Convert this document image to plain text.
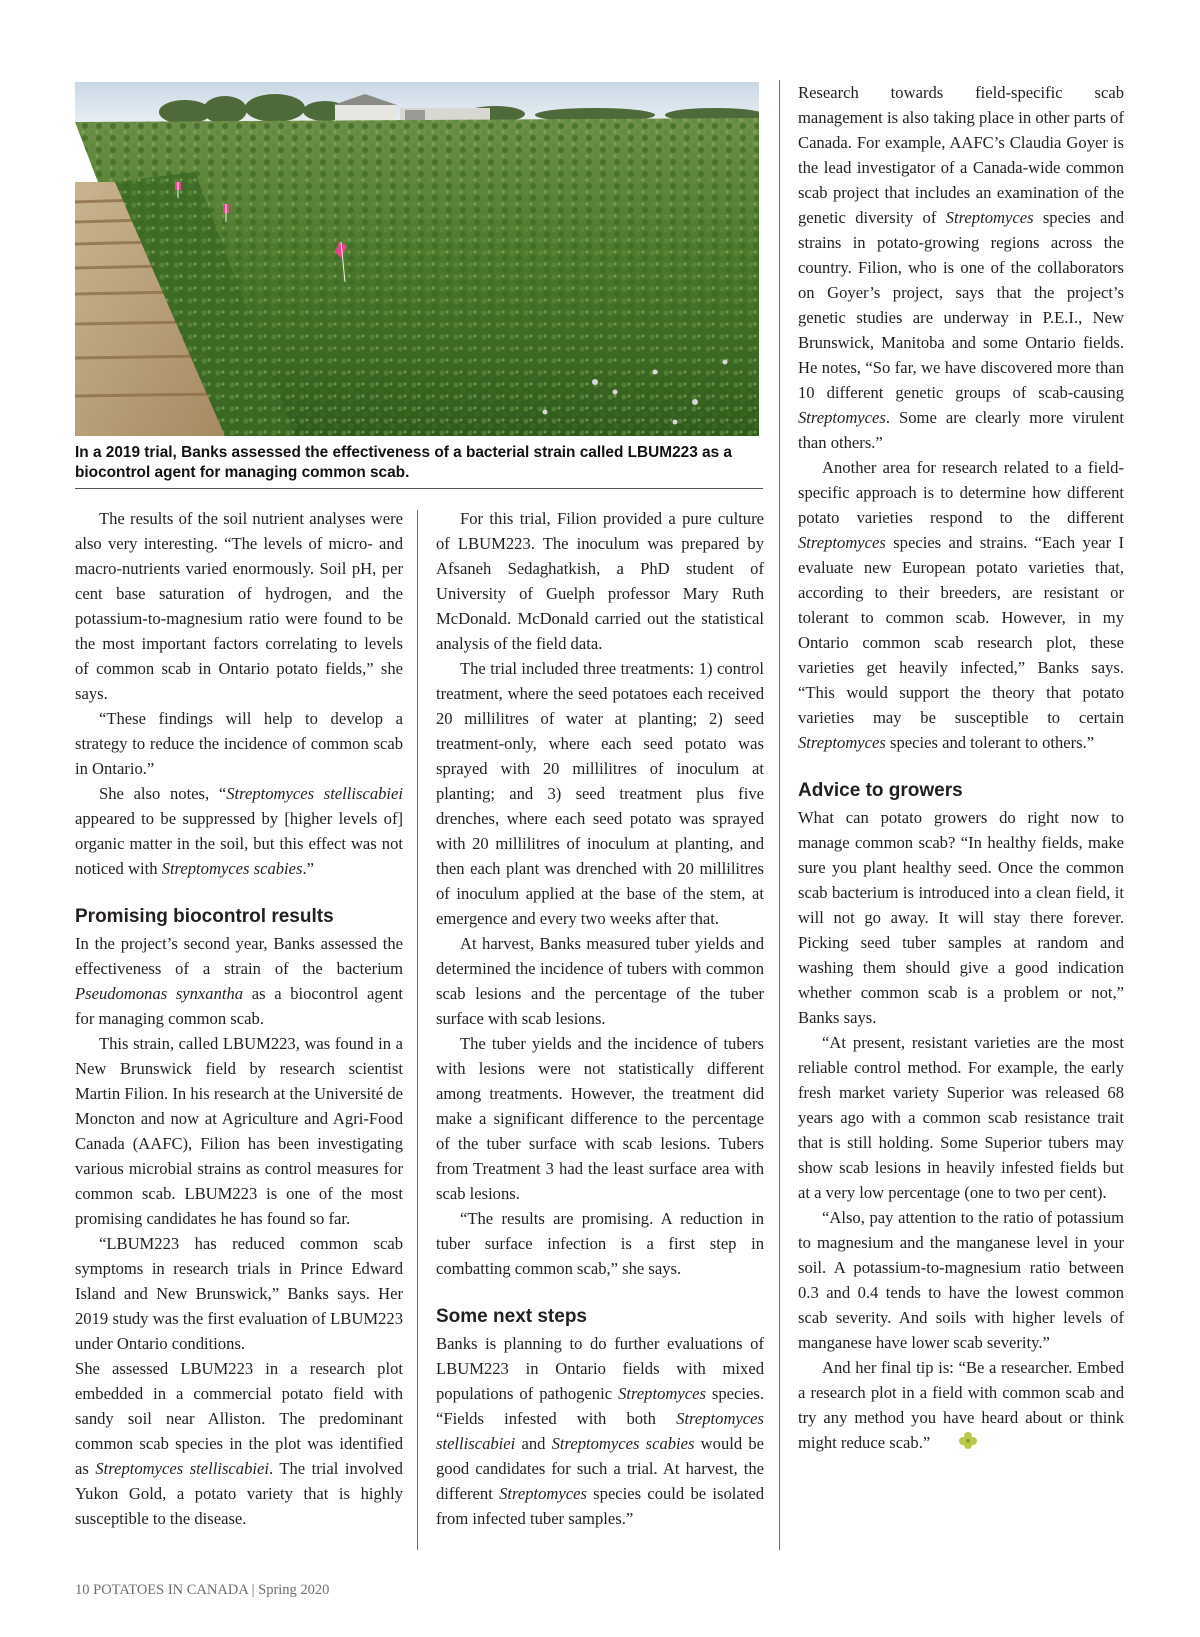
In a 2019 trial, Banks assessed the effectiveness of a bacterial strain called LBUM223 as a biocontrol agent for managing common scab.

The results of the soil nutrient analyses were also very interesting. “The levels of micro- and macro-nutrients varied enormously. Soil pH, per cent base saturation of hydrogen, and the potassium-to-magnesium ratio were found to be the most important factors correlating to levels of common scab in Ontario potato fields,” she says.

“These findings will help to develop a strategy to reduce the incidence of common scab in Ontario.”

She also notes, “Streptomyces stelliscabiei appeared to be suppressed by [higher levels of] organic matter in the soil, but this effect was not noticed with Streptomyces scabies.”

Promising biocontrol results

In the project’s second year, Banks assessed the effectiveness of a strain of the bacterium Pseudomonas synxantha as a biocontrol agent for managing common scab.

This strain, called LBUM223, was found in a New Brunswick field by research scientist Martin Filion. In his research at the Université de Moncton and now at Agriculture and Agri-Food Canada (AAFC), Filion has been investigating various microbial strains as control measures for common scab. LBUM223 is one of the most promising candidates he has found so far.

“LBUM223 has reduced common scab symptoms in research trials in Prince Edward Island and New Brunswick,” Banks says. Her 2019 study was the first evaluation of LBUM223 under Ontario conditions.

She assessed LBUM223 in a research plot embedded in a commercial potato field with sandy soil near Alliston. The predominant common scab species in the plot was identified as Streptomyces stelliscabiei. The trial involved Yukon Gold, a potato variety that is highly susceptible to the disease.

For this trial, Filion provided a pure culture of LBUM223. The inoculum was prepared by Afsaneh Sedaghatkish, a PhD student of University of Guelph professor Mary Ruth McDonald. McDonald carried out the statistical analysis of the field data.

The trial included three treatments: 1) control treatment, where the seed potatoes each received 20 millilitres of water at planting; 2) seed treatment-only, where each seed potato was sprayed with 20 millilitres of inoculum at planting; and 3) seed treatment plus five drenches, where each seed potato was sprayed with 20 millilitres of inoculum at planting, and then each plant was drenched with 20 millilitres of inoculum applied at the base of the stem, at emergence and every two weeks after that.

At harvest, Banks measured tuber yields and determined the incidence of tubers with common scab lesions and the percentage of the tuber surface with scab lesions.

The tuber yields and the incidence of tubers with lesions were not statistically different among treatments. However, the treatment did make a significant difference to the percentage of the tuber surface with scab lesions. Tubers from Treatment 3 had the least surface area with scab lesions.

“The results are promising. A reduction in tuber surface infection is a first step in combatting common scab,” she says.

Some next steps

Banks is planning to do further evaluations of LBUM223 in Ontario fields with mixed populations of pathogenic Streptomyces species. “Fields infested with both Streptomyces stelliscabiei and Streptomyces scabies would be good candidates for such a trial. At harvest, the different Streptomyces species could be isolated from infected tuber samples.”

Research towards field-specific scab management is also taking place in other parts of Canada. For example, AAFC’s Claudia Goyer is the lead investigator of a Canada-wide common scab project that includes an examination of the genetic diversity of Streptomyces species and strains in potato-growing regions across the country. Filion, who is one of the collaborators on Goyer’s project, says that the project’s genetic studies are underway in P.E.I., New Brunswick, Manitoba and some Ontario fields. He notes, “So far, we have discovered more than 10 different genetic groups of scab-causing Streptomyces. Some are clearly more virulent than others.”

Another area for research related to a field-specific approach is to determine how different potato varieties respond to the different Streptomyces species and strains. “Each year I evaluate new European potato varieties that, according to their breeders, are resistant or tolerant to common scab. However, in my Ontario common scab research plot, these varieties get heavily infected,” Banks says. “This would support the theory that potato varieties may be susceptible to certain Streptomyces species and tolerant to others.”

Advice to growers

What can potato growers do right now to manage common scab? “In healthy fields, make sure you plant healthy seed. Once the common scab bacterium is introduced into a clean field, it will not go away. It will stay there forever. Picking seed tuber samples at random and washing them should give a good indication whether common scab is a problem or not,” Banks says.

“At present, resistant varieties are the most reliable control method. For example, the early fresh market variety Superior was released 68 years ago with a common scab resistance trait that is still holding. Some Superior tubers may show scab lesions in heavily infested fields but at a very low percentage (one to two per cent).

“Also, pay attention to the ratio of potassium to magnesium and the manganese level in your soil. A potassium-to-magnesium ratio between 0.3 and 0.4 tends to have the lowest common scab severity. And soils with higher levels of manganese have lower scab severity.”

And her final tip is: “Be a researcher. Embed a research plot in a field with common scab and try any method you have heard about or think might reduce scab.”

10 POTATOES IN CANADA | Spring 2020
